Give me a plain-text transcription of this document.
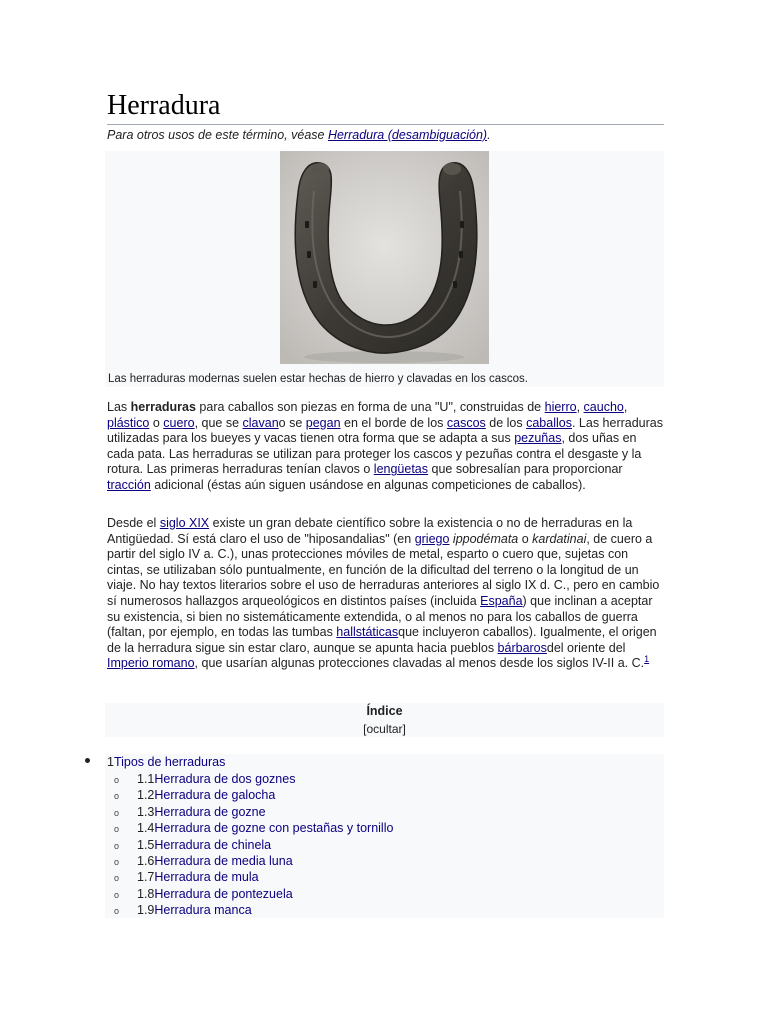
Herradura
Para otros usos de este término, véase Herradura (desambiguación).
Las herraduras modernas suelen estar hechas de hierro y clavadas en los cascos.

Las herraduras para caballos son piezas en forma de una "U", construidas de hierro, caucho, plástico o cuero, que se clavano se pegan en el borde de los cascos de los caballos. Las herraduras utilizadas para los bueyes y vacas tienen otra forma que se adapta a sus pezuñas, dos uñas en cada pata. Las herraduras se utilizan para proteger los cascos y pezuñas contra el desgaste y la rotura. Las primeras herraduras tenían clavos o lengüetas que sobresalían para proporcionar tracción adicional (éstas aún siguen usándose en algunas competiciones de caballos).

Desde el siglo XIX existe un gran debate científico sobre la existencia o no de herraduras en la Antigüedad. Sí está claro el uso de "hiposandalias" (en griego ippodémata o kardatinai, de cuero a partir del siglo IV a. C.), unas protecciones móviles de metal, esparto o cuero que, sujetas con cintas, se utilizaban sólo puntualmente, en función de la dificultad del terreno o la longitud de un viaje. No hay textos literarios sobre el uso de herraduras anteriores al siglo IX d. C., pero en cambio sí numerosos hallazgos arqueológicos en distintos países (incluida España) que inclinan a aceptar su existencia, si bien no sistemáticamente extendida, o al menos no para los caballos de guerra (faltan, por ejemplo, en todas las tumbas hallstáticasque incluyeron caballos). Igualmente, el origen de la herradura sigue sin estar claro, aunque se apunta hacia pueblos bárbarosdel oriente del Imperio romano, que usarían algunas protecciones clavadas al menos desde los siglos IV-II a. C.$^1$

Índice
[ocultar]
1Tipos de herraduras
o 1.1Herradura de dos goznes
o 1.2Herradura de galocha
o 1.3Herradura de gozne
o 1.4Herradura de gozne con pestañas y tornillo
o 1.5Herradura de chinela
o 1.6Herradura de media luna
o 1.7Herradura de mula
o 1.8Herradura de pontezuela
o 1.9Herradura manca
